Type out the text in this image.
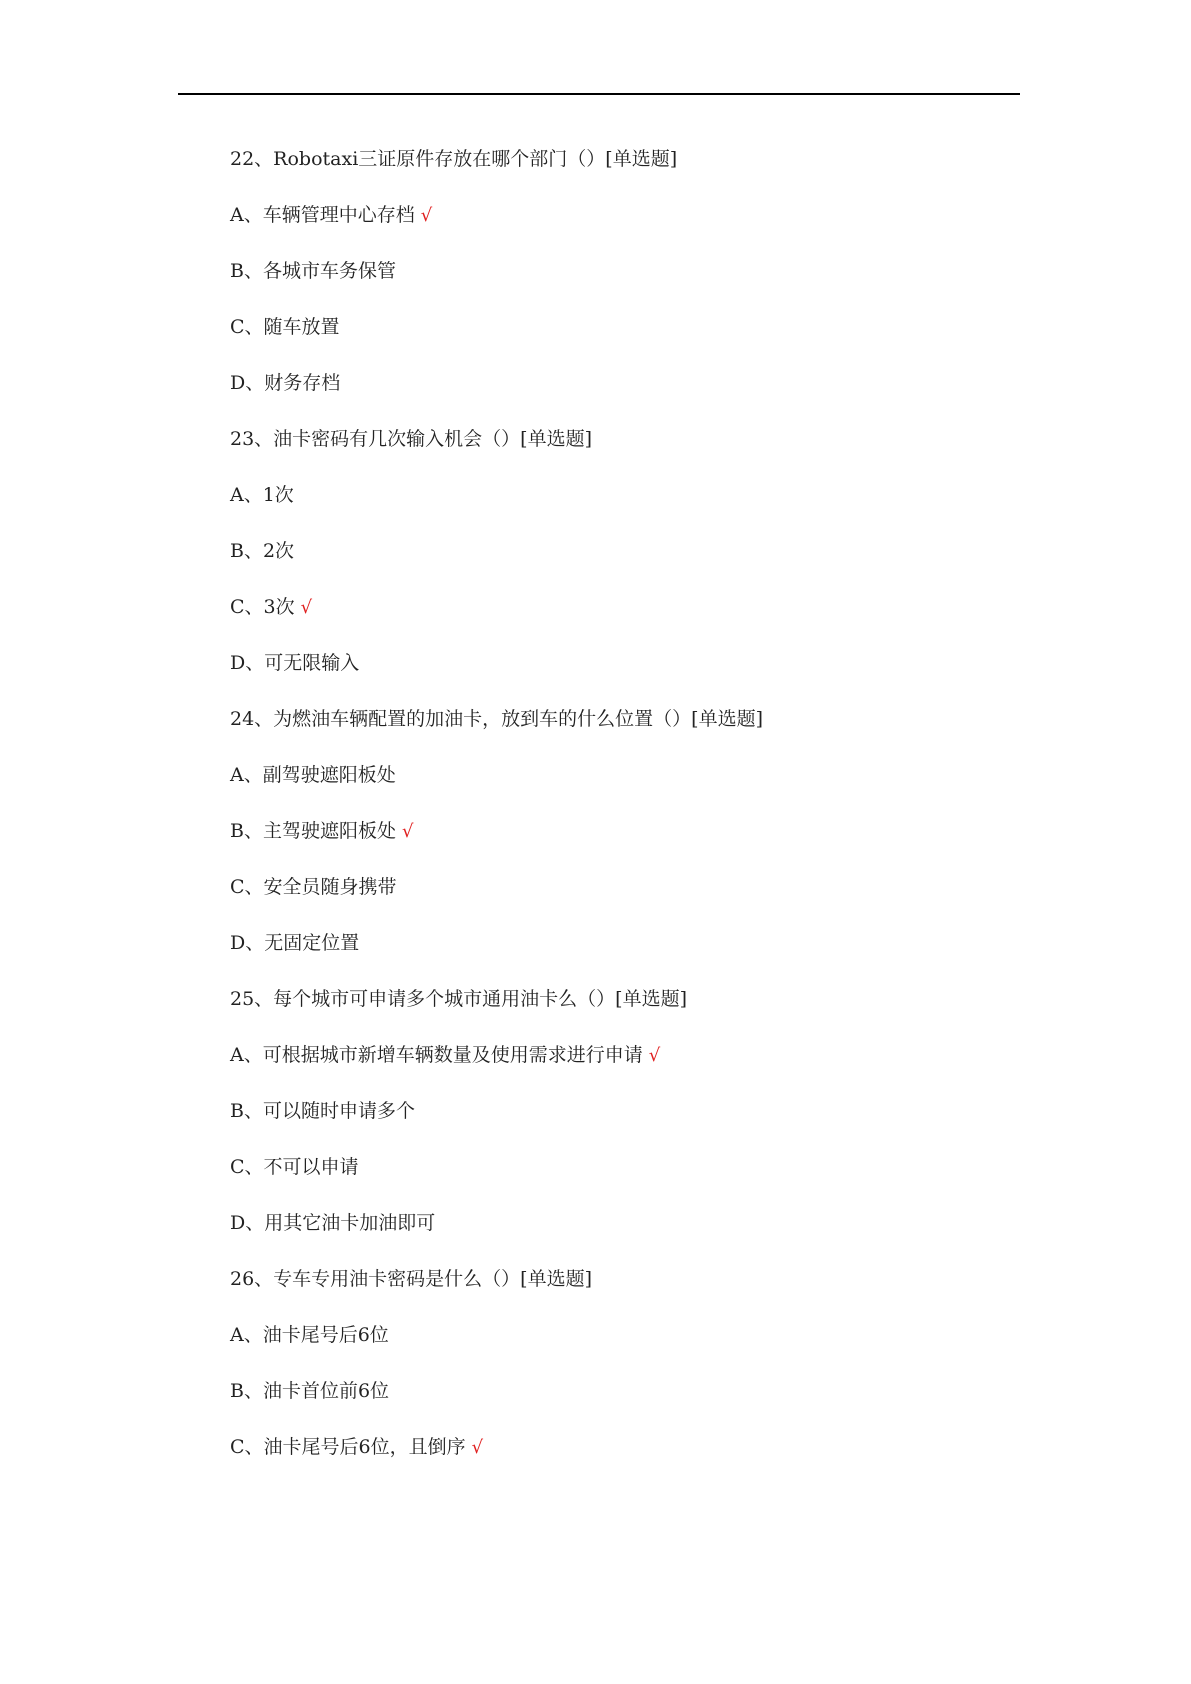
22、Robotaxi三证原件存放在哪个部门（）[单选题]
A、车辆管理中心存档 √
B、各城市车务保管
C、随车放置
D、财务存档
23、油卡密码有几次输入机会（）[单选题]
A、1次
B、2次
C、3次 √
D、可无限输入
24、为燃油车辆配置的加油卡，放到车的什么位置（）[单选题]
A、副驾驶遮阳板处
B、主驾驶遮阳板处 √
C、安全员随身携带
D、无固定位置
25、每个城市可申请多个城市通用油卡么（）[单选题]
A、可根据城市新增车辆数量及使用需求进行申请 √
B、可以随时申请多个
C、不可以申请
D、用其它油卡加油即可
26、专车专用油卡密码是什么（）[单选题]
A、油卡尾号后6位
B、油卡首位前6位
C、油卡尾号后6位，且倒序 √
